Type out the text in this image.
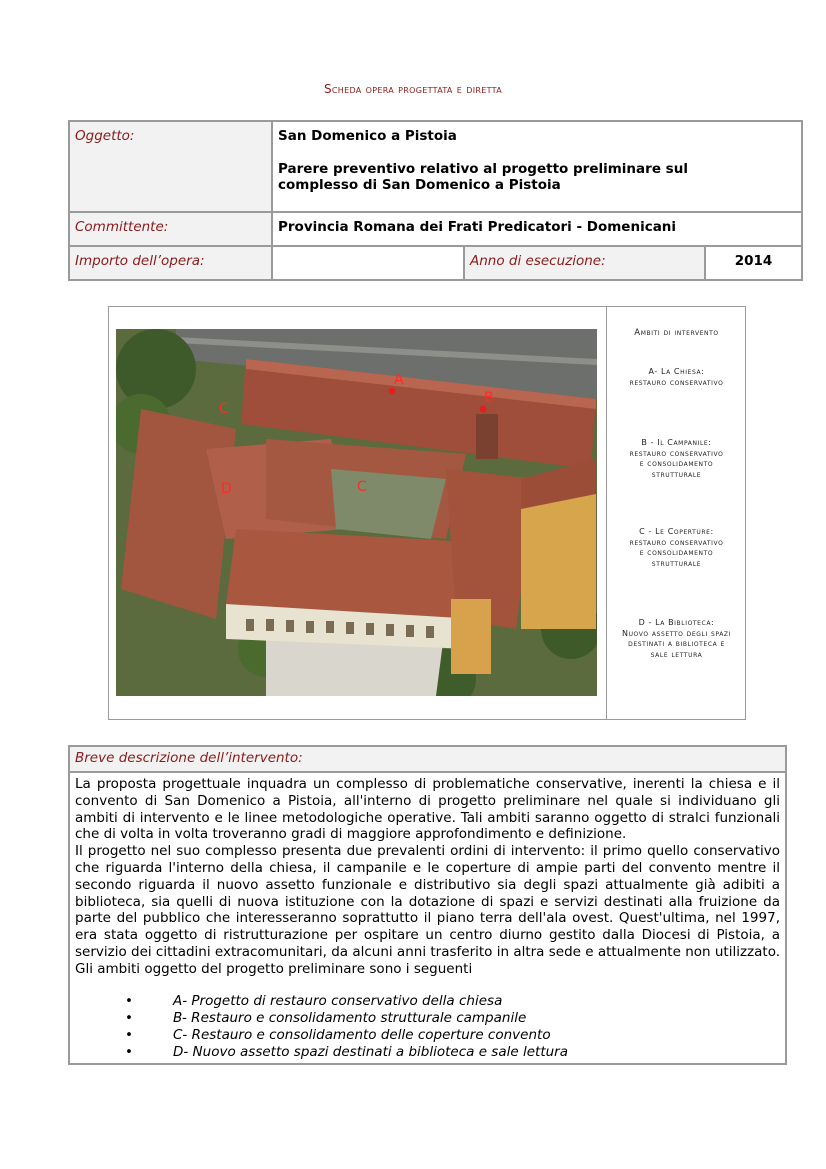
Scheda opera progettata e diretta
Oggetto:	San Domenico a Pistoia
Parere preventivo relativo al progetto preliminare sul complesso di San Domenico a Pistoia		

Committente:	Provincia Romana dei Frati Predicatori - Domenicani		
Importo dell’opera:		Anno di esecuzione:	2014
A
B
C
D	C
Ambiti di intervento
A- La Chiesa:
restauro conservativo
B - Il Campanile:
restauro conservativo
e consolidamento
strutturale
C - Le Coperture:
restauro conservativo
e consolidamento
strutturale
D - La Biblioteca:
Nuovo assetto degli spazi
destinati a biblioteca e
sale lettura
Breve descrizione dell’intervento:

La proposta progettuale inquadra un complesso di problematiche conservative, inerenti la chiesa e il convento di San Domenico a Pistoia, all'interno di progetto preliminare nel quale si individuano gli ambiti di intervento e le linee metodologiche operative. Tali ambiti saranno oggetto di stralci funzionali che di volta in volta troveranno gradi di maggiore approfondimento e definizione.

Il progetto nel suo complesso presenta due prevalenti ordini di intervento: il primo quello conservativo che riguarda l'interno della chiesa, il campanile e le coperture di ampie parti del convento mentre il secondo riguarda il nuovo assetto funzionale e distributivo sia degli spazi attualmente già adibiti a biblioteca, sia quelli di nuova istituzione con la dotazione di spazi e servizi destinati alla fruizione da parte del pubblico che interesseranno soprattutto il piano terra dell'ala ovest. Quest'ultima, nel 1997, era stata oggetto di ristrutturazione per ospitare un centro diurno gestito dalla Diocesi di Pistoia, a servizio dei cittadini extracomunitari, da alcuni anni trasferito in altra sede e attualmente non utilizzato. Gli ambiti oggetto del progetto preliminare sono i seguenti

•	A- Progetto di restauro conservativo della chiesa
•	B- Restauro e consolidamento strutturale campanile
•	C- Restauro e consolidamento delle coperture convento
•	D- Nuovo assetto spazi destinati a biblioteca e sale lettura
